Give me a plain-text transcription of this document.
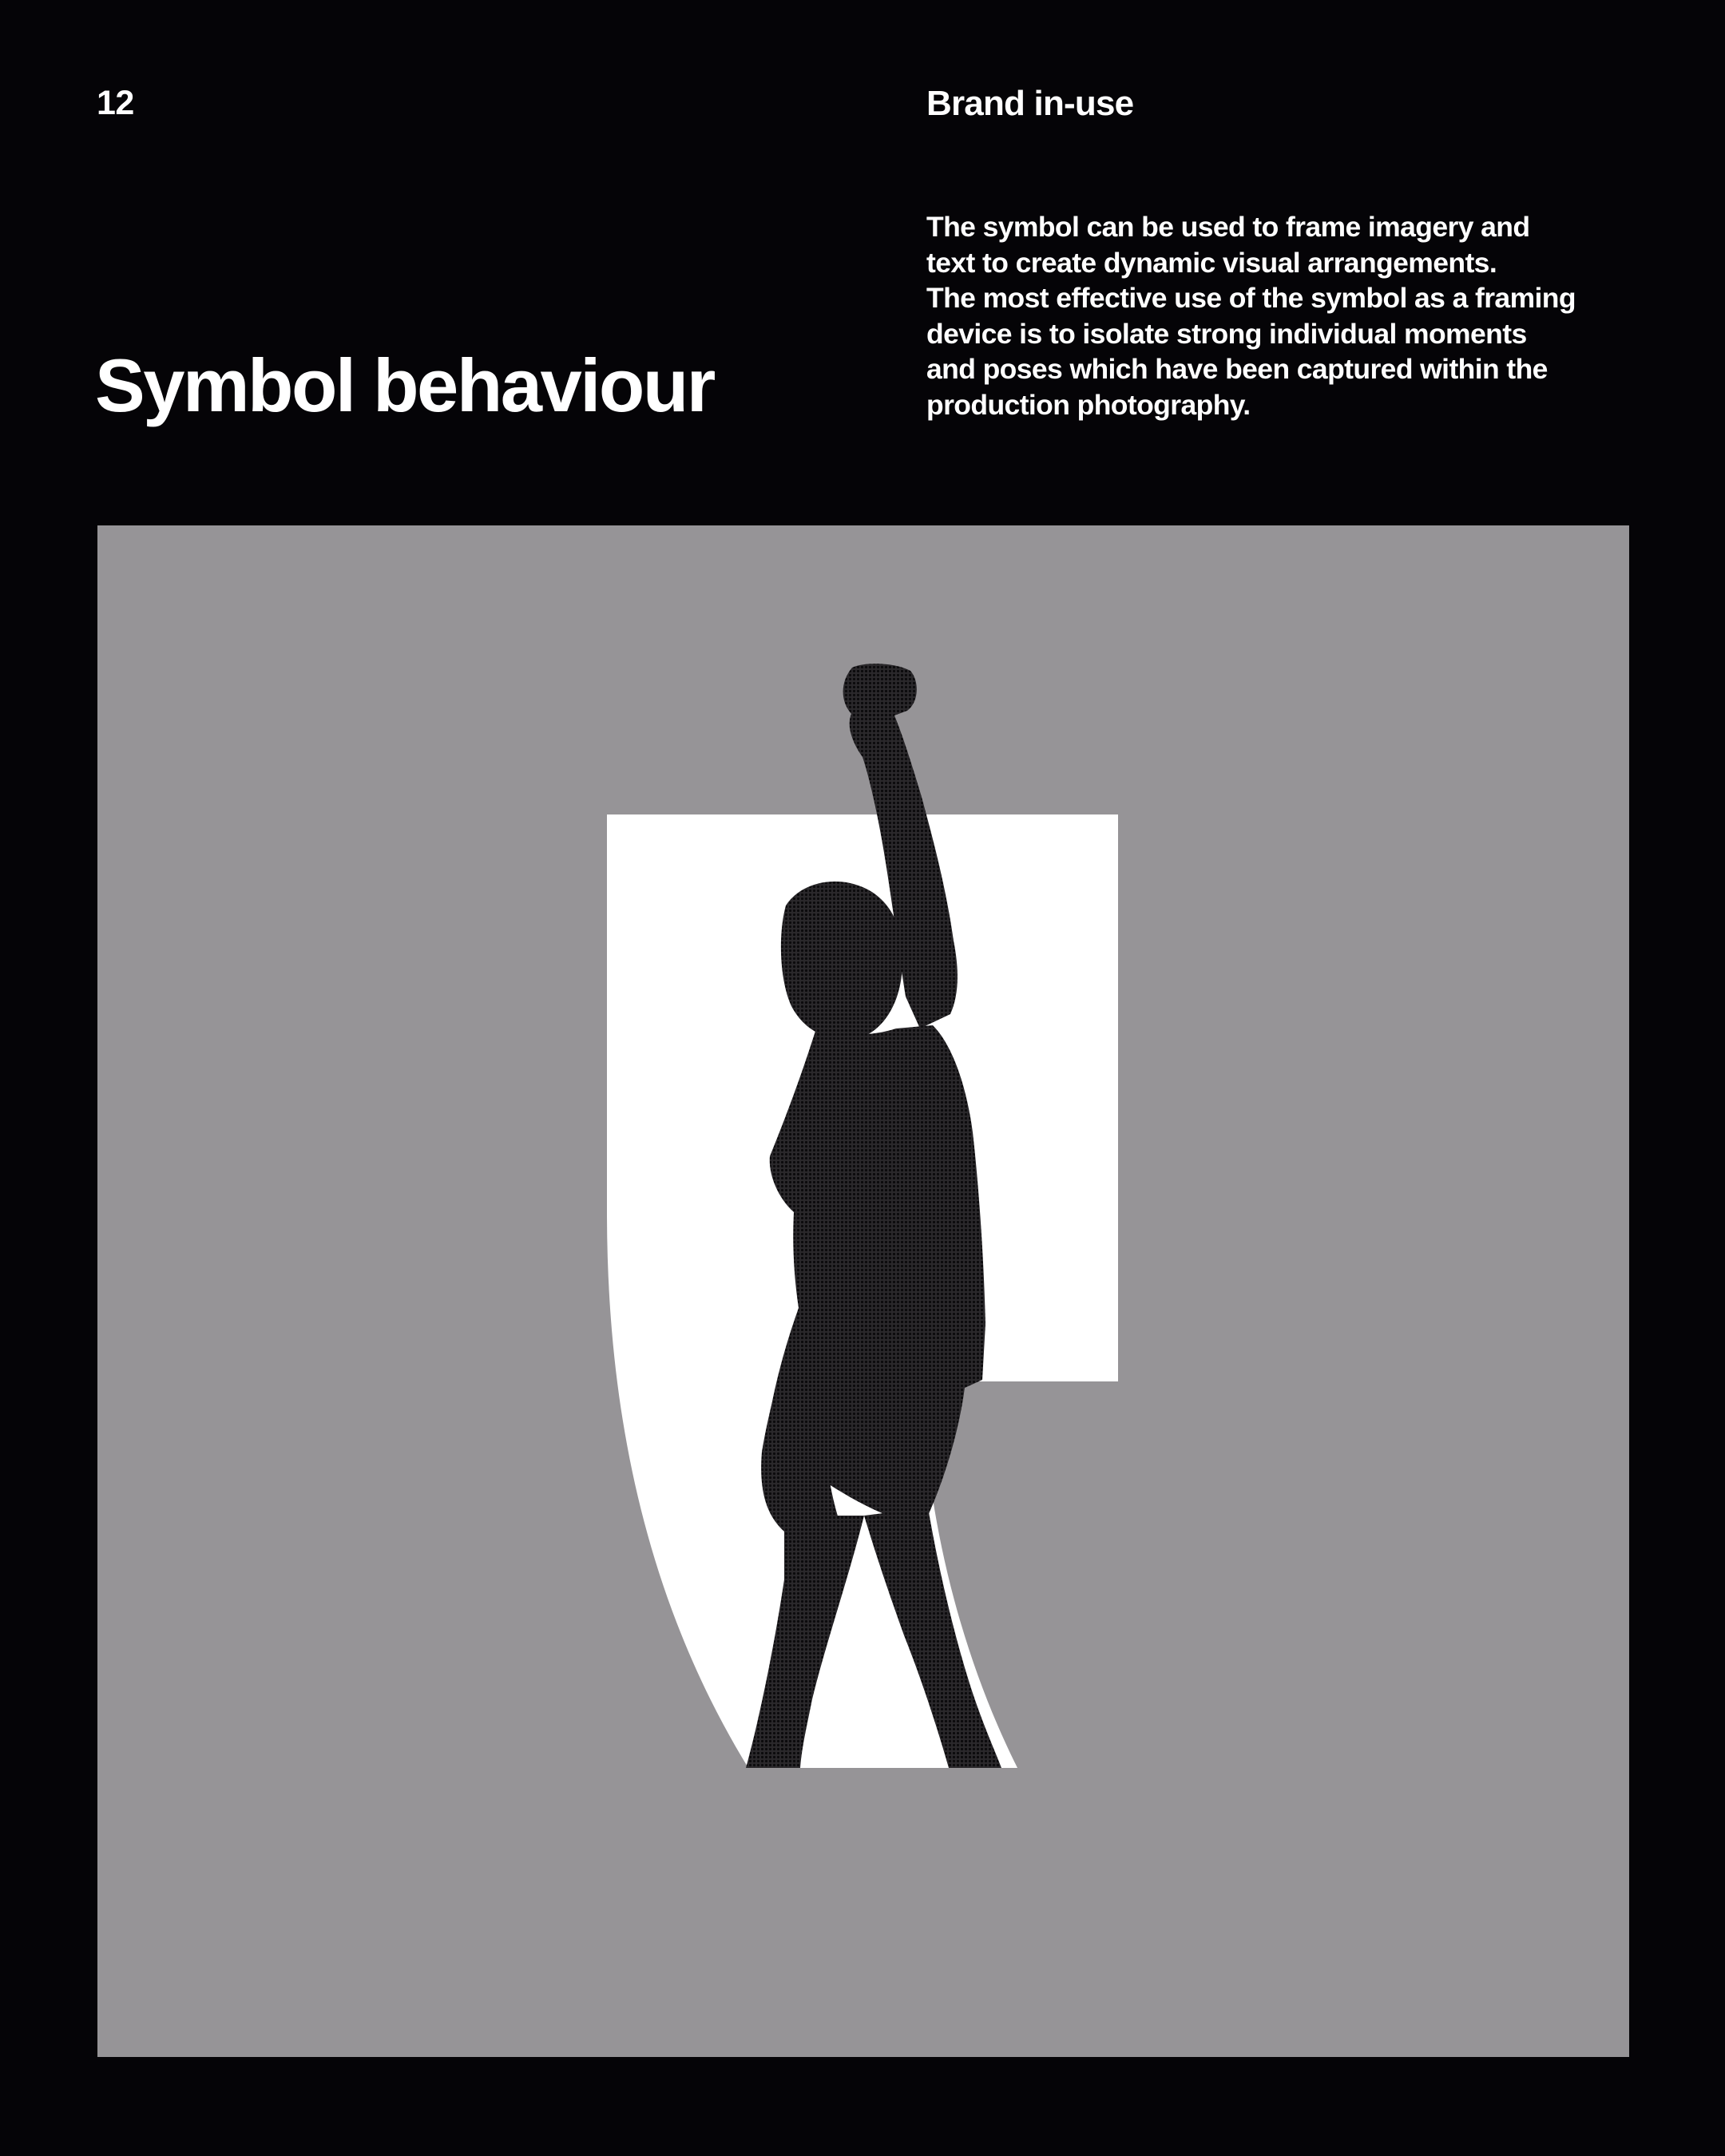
12	Brand in-use
The symbol can be used to frame imagery and
text to create dynamic visual arrangements.
The most effective use of the symbol as a framing
device is to isolate strong individual moments
and poses which have been captured within the
production photography.
Symbol behaviour
